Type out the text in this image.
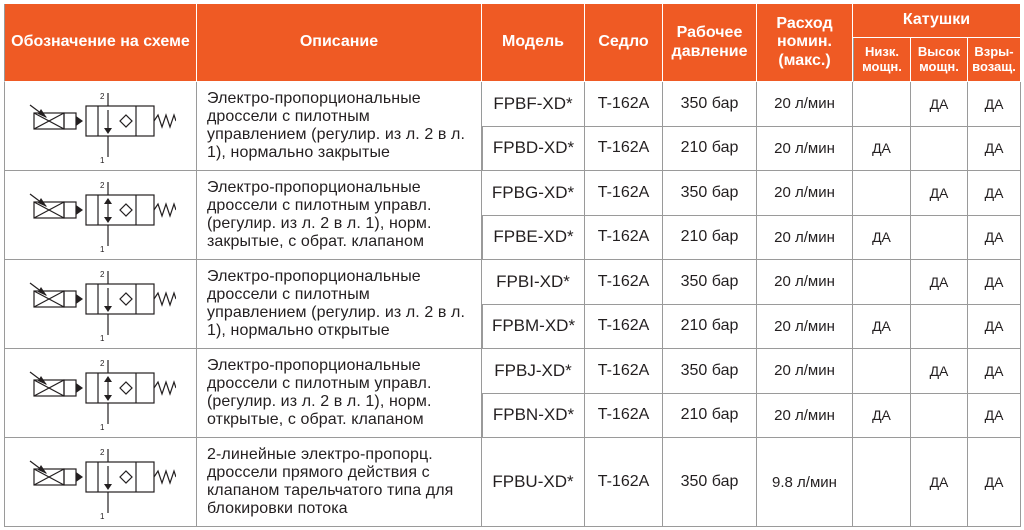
Обозначение на схеме	Описание	Модель	Седло	Рабочее давление	Расход номин. (макс.)	Катушки		
						Низк. мощн.	Высок мощн.	Взры-возащ.

2
1	Электро-пропорциональные дроссели с пилотным управлением (регулир. из л. 2 в л. 1), нормально закрытые	FPBF-XD*	T-162A	350 бар	20 л/мин		ДА	ДА
		FPBD-XD*	T-162A	210 бар	20 л/мин	ДА		ДА

2
1	Электро-пропорциональные дроссели с пилотным управл. (регулир. из л. 2 в л. 1), норм. закрытые, с обрат. клапаном	FPBG-XD*	T-162A	350 бар	20 л/мин		ДА	ДА
		FPBE-XD*	T-162A	210 бар	20 л/мин	ДА		ДА

2
1	Электро-пропорциональные дроссели с пилотным управлением (регулир. из л. 2 в л. 1), нормально открытые	FPBI-XD*	T-162A	350 бар	20 л/мин		ДА	ДА
		FPBM-XD*	T-162A	210 бар	20 л/мин	ДА		ДА

2
1	Электро-пропорциональные дроссели с пилотным управл. (регулир. из л. 2 в л. 1), норм. открытые, с обрат. клапаном	FPBJ-XD*	T-162A	350 бар	20 л/мин		ДА	ДА
		FPBN-XD*	T-162A	210 бар	20 л/мин	ДА		ДА

2
1	2-линейные электро-пропорц. дроссели прямого действия с клапаном тарельчатого типа для блокировки потока	FPBU-XD*	T-162A	350 бар	9.8 л/мин		ДА	ДА
